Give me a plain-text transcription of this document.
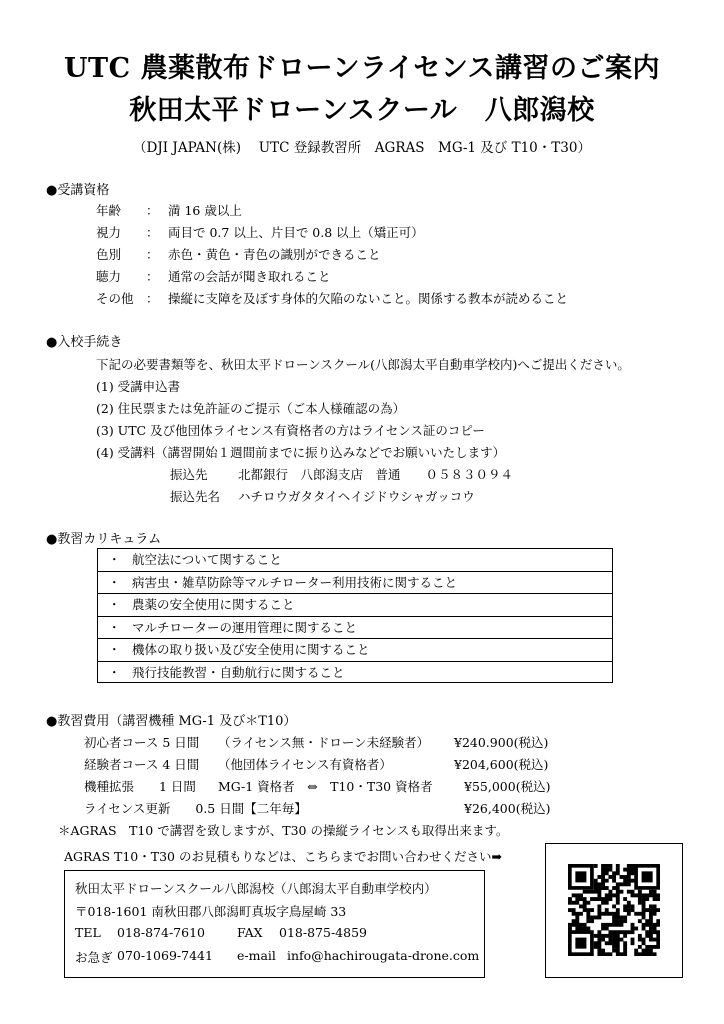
UTC 農薬散布ドローンライセンス講習のご案内
秋田太平ドローンスクール　八郎潟校
（DJI JAPAN(株)　 UTC 登録教習所　AGRAS　MG-1 及び T10・T30）
●受講資格
年齢 ： 満 16 歳以上
視力 ： 両目で 0.7 以上、片目で 0.8 以上（矯正可）
色別 ： 赤色・黄色・青色の識別ができること
聴力 ： 通常の会話が聞き取れること
その他 ： 操縦に支障を及ぼす身体的欠陥のないこと。関係する教本が読めること
●入校手続き
下記の必要書類等を、秋田太平ドローンスクール(八郎潟太平自動車学校内)へご提出ください。
(1) 受講申込書
(2) 住民票または免許証のご提示（ご本人様確認の為）
(3) UTC 及び他団体ライセンス有資格者の方はライセンス証のコピー
(4) 受講料（講習開始１週間前までに振り込みなどでお願いいたします）
振込先 北都銀行　八郎潟支店　普通　　０５８３０９４
振込先名 ハチロウガタタイヘイジドウシャガッコウ
●教習カリキュラム
・ 航空法について関すること
・ 病害虫・雑草防除等マルチローター利用技術に関すること
・ 農薬の安全使用に関すること
・ マルチローターの運用管理に関すること
・ 機体の取り扱い及び安全使用に関すること
・ 飛行技能教習・自動航行に関すること
●教習費用（講習機種 MG-1 及び＊T10）
初心者コース 5 日間 （ライセンス無・ドローン未経験者） ¥240.900(税込)
経験者コース 4 日間 （他団体ライセンス有資格者）	¥204,600(税込)
機種拡張　　1 日間 MG-1 資格者　⇔　T10・T30 資格者	¥55,000(税込)
ライセンス更新　　0.5 日間【二年毎】	¥26,400(税込)
＊AGRAS　T10 で講習を致しますが、T30 の操縦ライセンスも取得出来ます。
AGRAS T10・T30 のお見積もりなどは、こちらまでお問い合わせください➡
秋田太平ドローンスクール八郎潟校（八郎潟太平自動車学校内）
〒018-1601 南秋田郡八郎潟町真坂字鳥屋崎 33
TEL 018-874-7610	FAX 018-875-4859
お急ぎ 070-1069-7441 e-mail info@hachirougata-drone.com
